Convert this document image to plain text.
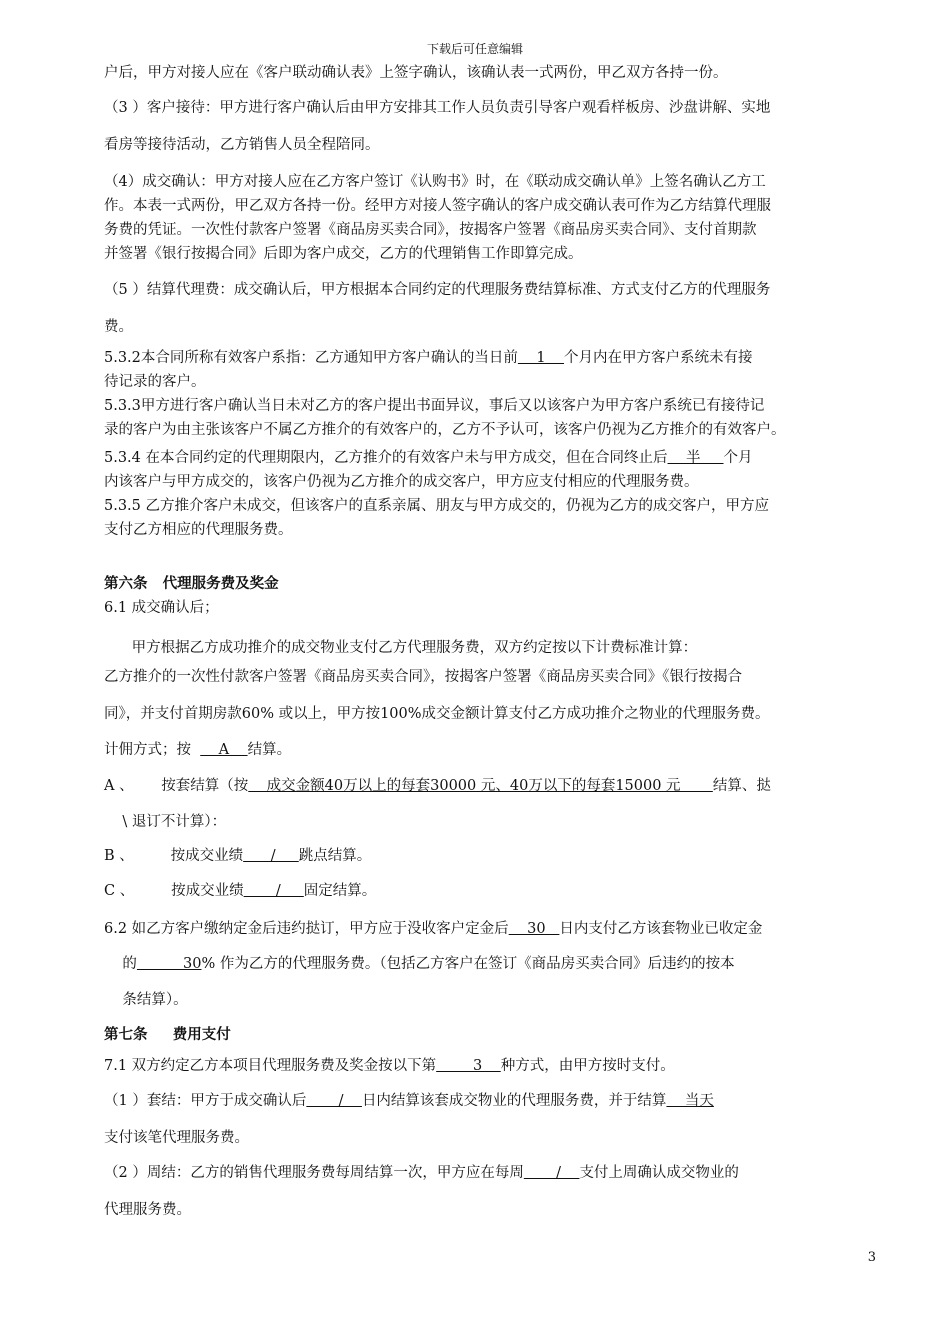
下载后可任意编辑
户后，甲方对接人应在《客户联动确认表》上签字确认，该确认表一式两份，甲乙双方各持一份。
（3 ）客户接待：甲方进行客户确认后由甲方安排其工作人员负责引导客户观看样板房、沙盘讲解、实地
看房等接待活动，乙方销售人员全程陪同。
（4）成交确认：甲方对接人应在乙方客户签订《认购书》时，在《联动成交确认单》上签名确认乙方工
作。本表一式两份，甲乙双方各持一份。经甲方对接人签字确认的客户成交确认表可作为乙方结算代理服
务费的凭证。一次性付款客户签署《商品房买卖合同》，按揭客户签署《商品房买卖合同》、支付首期款
并签署《银行按揭合同》后即为客户成交，乙方的代理销售工作即算完成。
（5 ）结算代理费：成交确认后，甲方根据本合同约定的代理服务费结算标准、方式支付乙方的代理服务
费。
5.3.2本合同所称有效客户系指：乙方通知甲方客户确认的当日前    1    个月内在甲方客户系统未有接
待记录的客户。
5.3.3甲方进行客户确认当日未对乙方的客户提出书面异议，事后又以该客户为甲方客户系统已有接待记
录的客户为由主张该客户不属乙方推介的有效客户的，乙方不予认可，该客户仍视为乙方推介的有效客户。
5.3.4 在本合同约定的代理期限内，乙方推介的有效客户未与甲方成交，但在合同终止后    半     个月
内该客户与甲方成交的，该客户仍视为乙方推介的成交客户，甲方应支付相应的代理服务费。
5.3.5 乙方推介客户未成交，但该客户的直系亲属、朋友与甲方成交的，仍视为乙方的成交客户，甲方应
支付乙方相应的代理服务费。
第六条   代理服务费及奖金
6.1 成交确认后；
甲方根据乙方成功推介的成交物业支付乙方代理服务费，双方约定按以下计费标准计算：
乙方推介的一次性付款客户签署《商品房买卖合同》，按揭客户签署《商品房买卖合同》《银行按揭合
同》，并支付首期房款60% 或以上，甲方按100%成交金额计算支付乙方成功推介之物业的代理服务费。
计佣方式；按      A    结算。
A 、      按套结算（按    成交金额40万以上的每套30000 元、40万以下的每套15000 元       结算、挞
\ 退订不计算）：
B 、        按成交业绩      /     跳点结算。
C 、        按成交业绩       /     固定结算。
6.2 如乙方客户缴纳定金后违约挞订，甲方应于没收客户定金后    30   日内支付乙方该套物业已收定金
的          30% 作为乙方的代理服务费。（包括乙方客户在签订《商品房买卖合同》后违约的按本
条结算）。
第七条     费用支付
7.1 双方约定乙方本项目代理服务费及奖金按以下第        3    种方式，由甲方按时支付。
（1 ）套结：甲方于成交确认后       /    日内结算该套成交物业的代理服务费，并于结算    当天
支付该笔代理服务费。
（2 ）周结：乙方的销售代理服务费每周结算一次，甲方应在每周       /    支付上周确认成交物业的
代理服务费。
3
